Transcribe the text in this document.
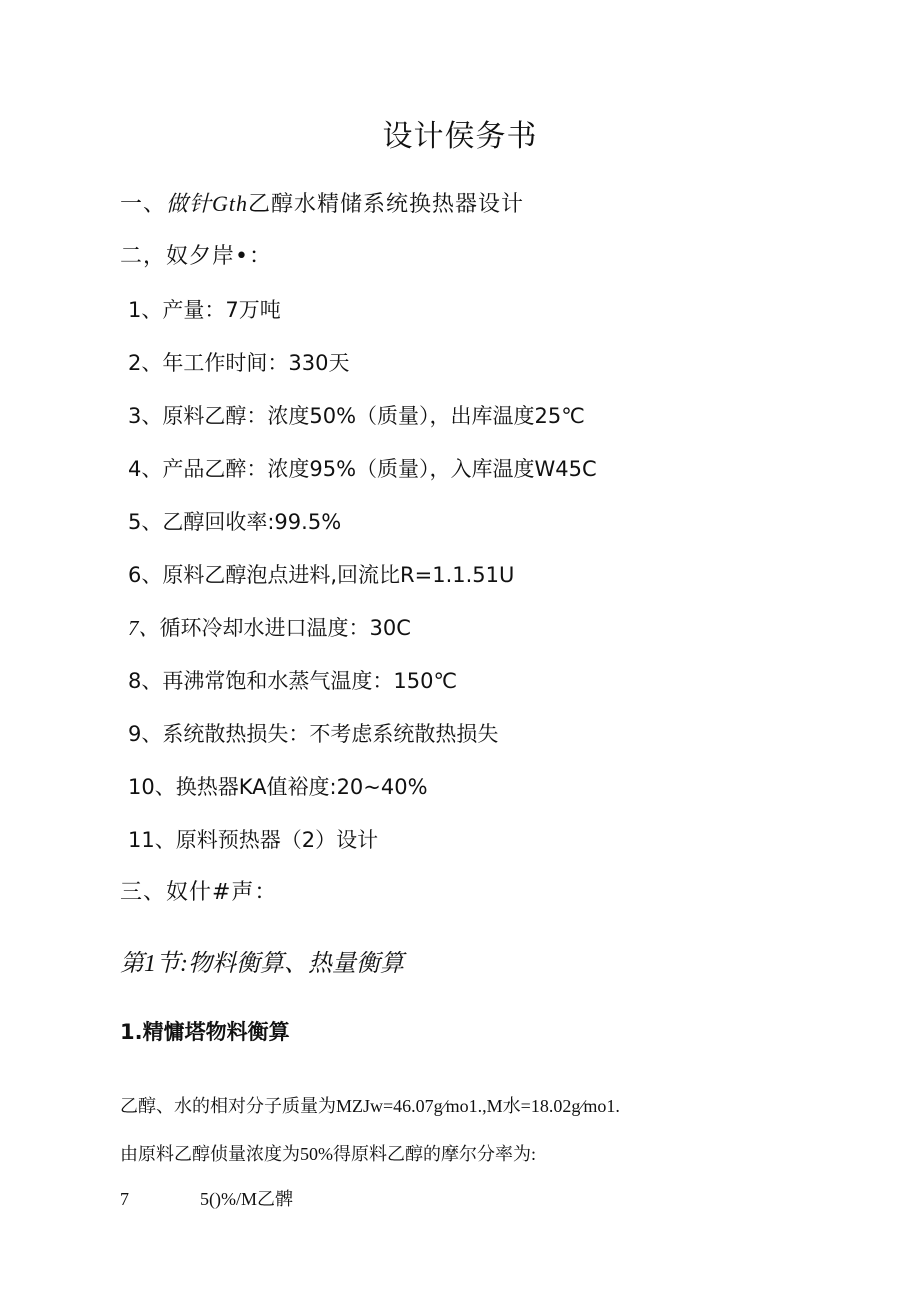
设计侯务书
一、做针Gth乙醇水精储系统换热器设计
二，奴夕岸•：
1、产量：7万吨
2、年工作时间：330天
3、原料乙醇：浓度50%（质量），出库温度25℃
4、产品乙醉：浓度95%（质量），入库温度W45C
5、乙醇回收率:99.5%
6、原料乙醇泡点进料,回流比R=1.1.51U
7、循环冷却水进口温度：30C
8、再沸常饱和水蒸气温度：150℃
9、系统散热损失：不考虑系统散热损失
10、换热器KA值裕度:20~40%
11、原料预热器（2）设计
三、奴什#声：
第1节:物料衡算、热量衡算
1.精慵塔物料衡算
乙醇、水的相对分子质量为MZJw=46.07g∕mo1.,M水=18.02g∕mo1.
由原料乙醇侦量浓度为50%得原料乙醇的摩尔分率为:
7	5()%/M乙髀
